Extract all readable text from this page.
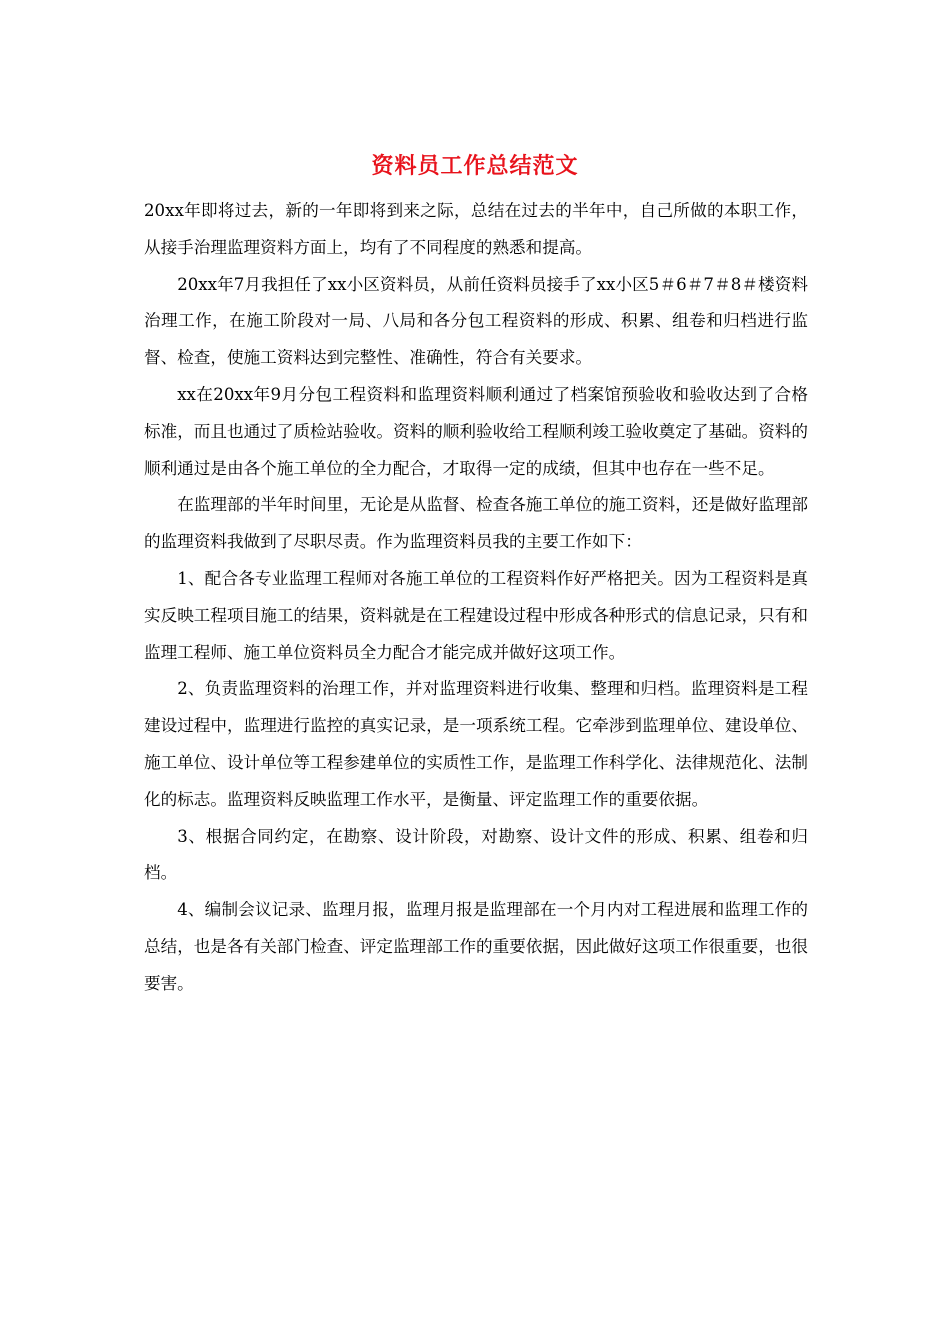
资料员工作总结范文

20xx年即将过去，新的一年即将到来之际，总结在过去的半年中，自己所做的本职工作，从接手治理监理资料方面上，均有了不同程度的熟悉和提高。

20xx年7月我担任了xx小区资料员，从前任资料员接手了xx小区5＃6＃7＃8＃楼资料治理工作，在施工阶段对一局、八局和各分包工程资料的形成、积累、组卷和归档进行监督、检查，使施工资料达到完整性、准确性，符合有关要求。

xx在20xx年9月分包工程资料和监理资料顺利通过了档案馆预验收和验收达到了合格标准，而且也通过了质检站验收。资料的顺利验收给工程顺利竣工验收奠定了基础。资料的顺利通过是由各个施工单位的全力配合，才取得一定的成绩，但其中也存在一些不足。

在监理部的半年时间里，无论是从监督、检查各施工单位的施工资料，还是做好监理部的监理资料我做到了尽职尽责。作为监理资料员我的主要工作如下：

1、配合各专业监理工程师对各施工单位的工程资料作好严格把关。因为工程资料是真实反映工程项目施工的结果，资料就是在工程建设过程中形成各种形式的信息记录，只有和监理工程师、施工单位资料员全力配合才能完成并做好这项工作。

2、负责监理资料的治理工作，并对监理资料进行收集、整理和归档。监理资料是工程建设过程中，监理进行监控的真实记录，是一项系统工程。它牵涉到监理单位、建设单位、施工单位、设计单位等工程参建单位的实质性工作，是监理工作科学化、法律规范化、法制化的标志。监理资料反映监理工作水平，是衡量、评定监理工作的重要依据。

3、根据合同约定，在勘察、设计阶段，对勘察、设计文件的形成、积累、组卷和归档。

4、编制会议记录、监理月报，监理月报是监理部在一个月内对工程进展和监理工作的总结，也是各有关部门检查、评定监理部工作的重要依据，因此做好这项工作很重要，也很要害。
